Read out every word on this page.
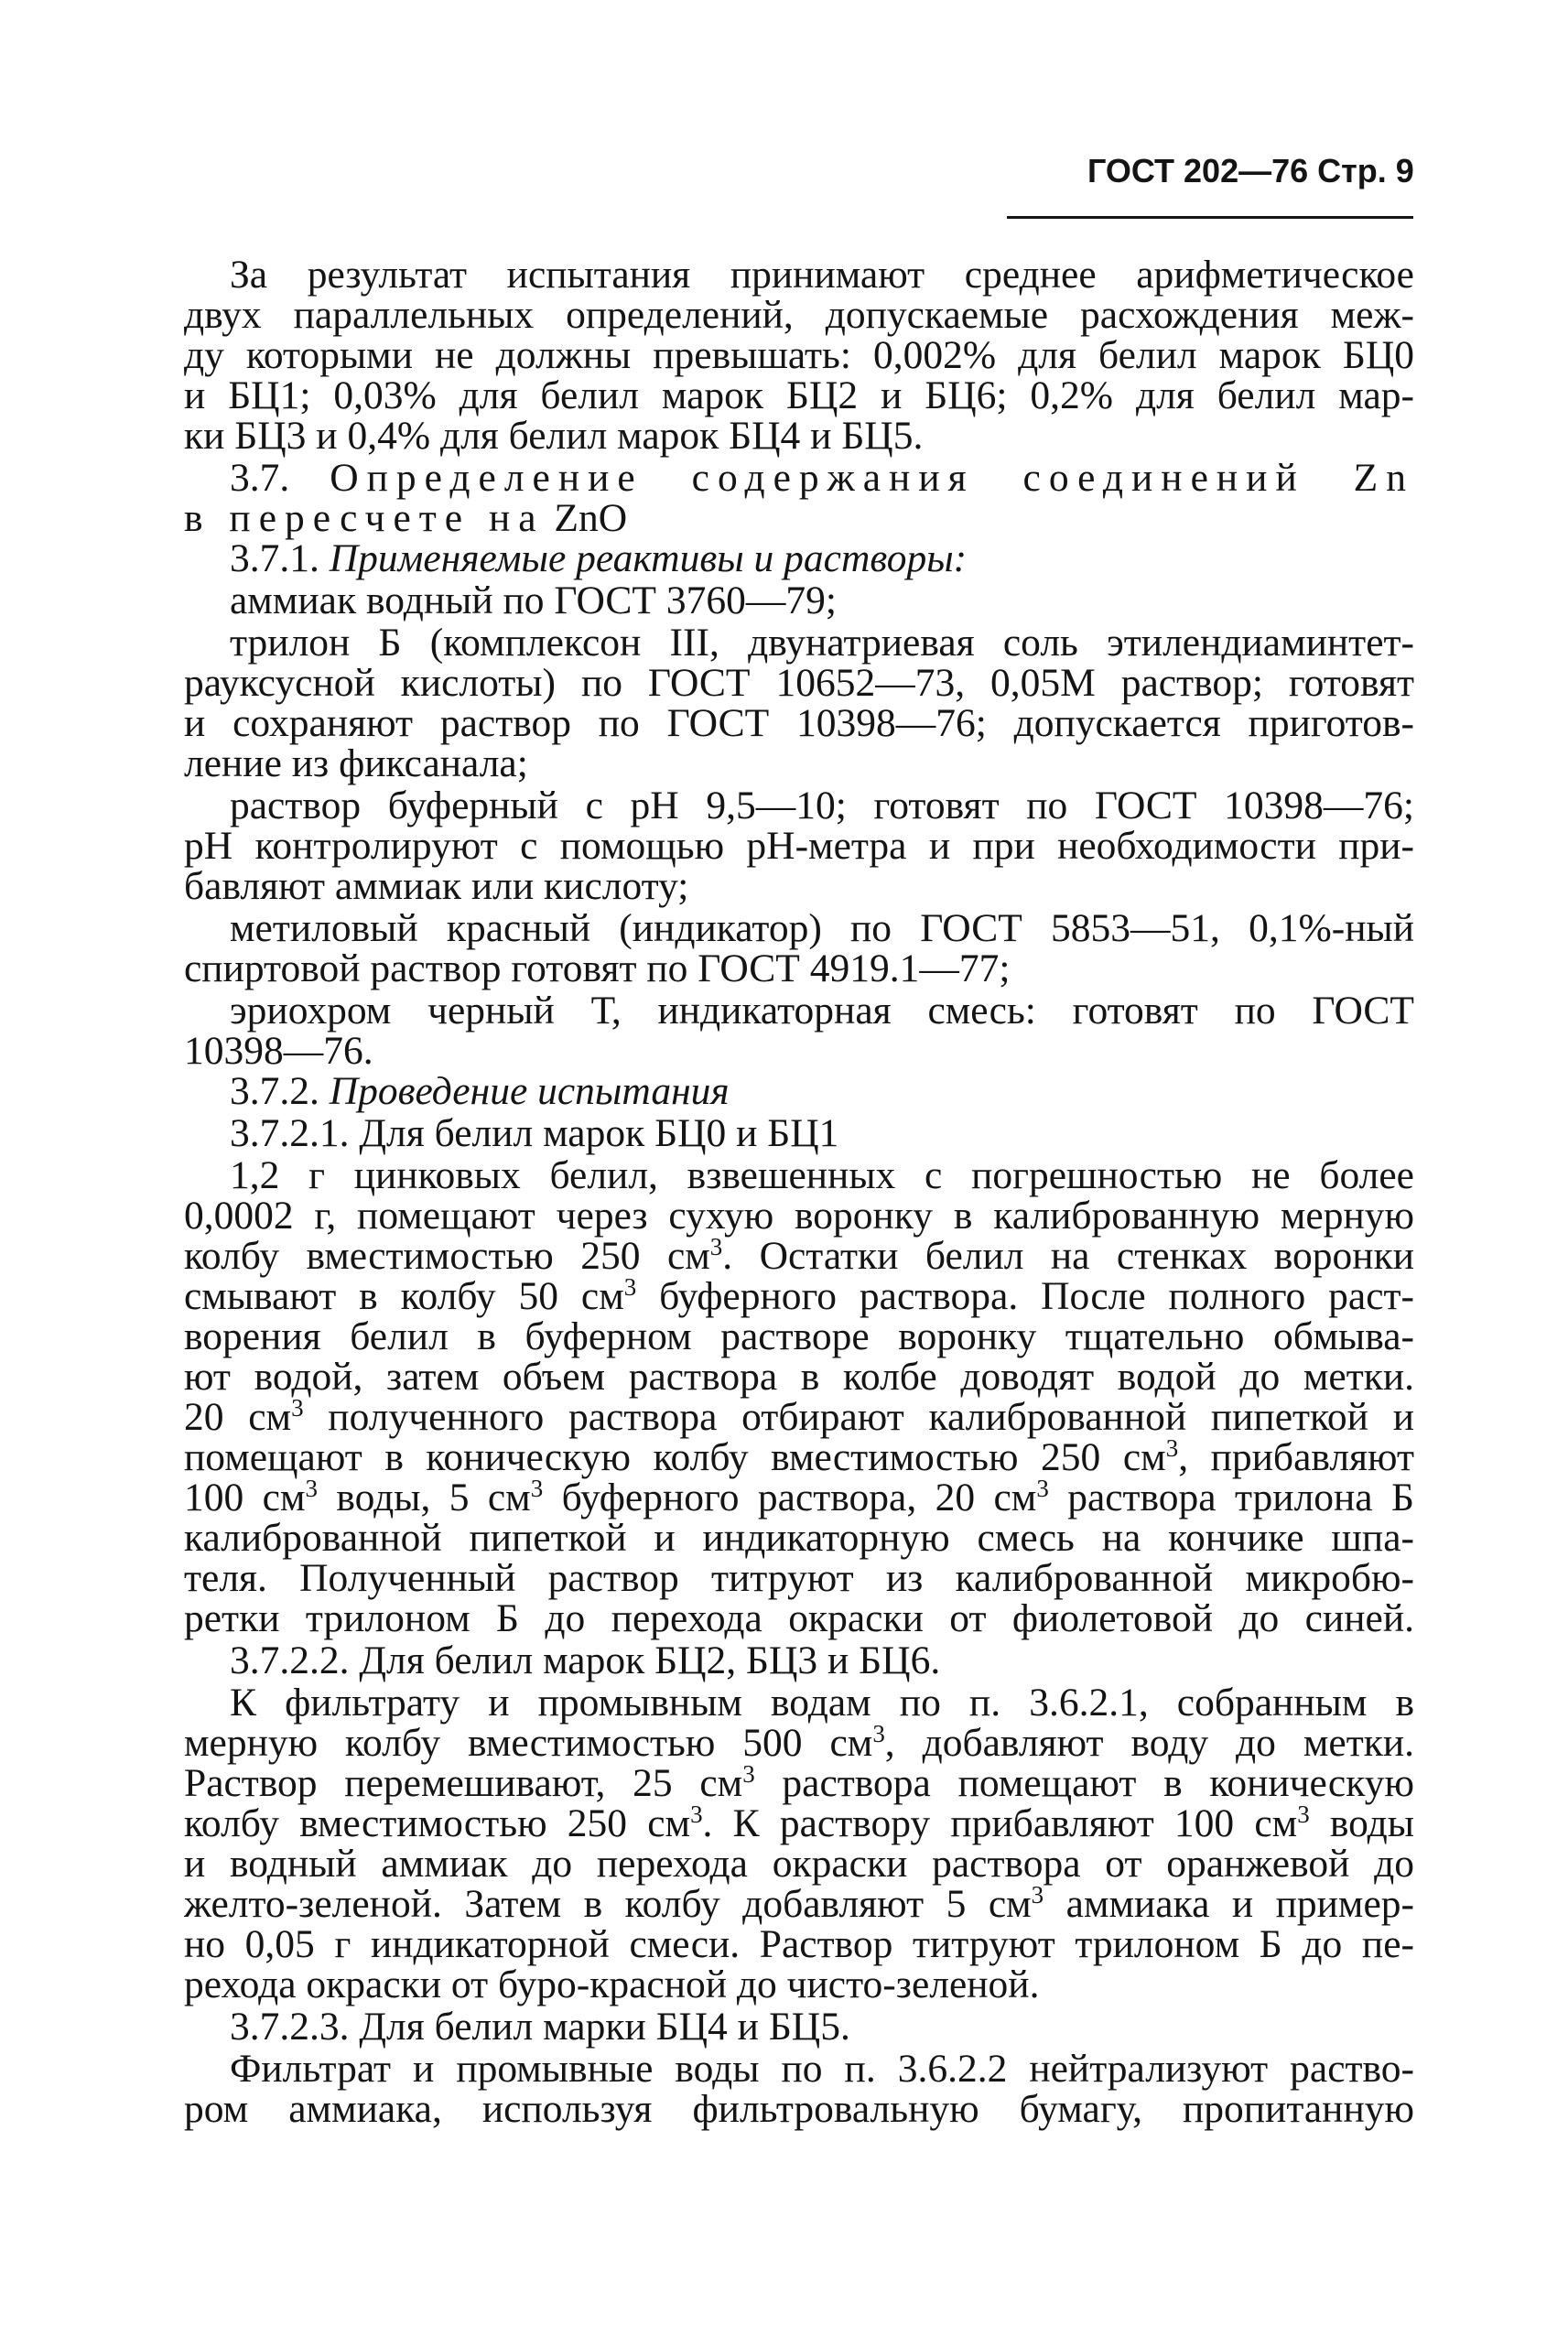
ГОСТ 202—76 Стр. 9
За результат испытания принимают среднее арифметическое
двух параллельных определений, допускаемые расхождения меж-
ду которыми не должны превышать: 0,002% для белил марок БЦ0
и БЦ1; 0,03% для белил марок БЦ2 и БЦ6; 0,2% для белил мар-
ки БЦ3 и 0,4% для белил марок БЦ4 и БЦ5.
3.7. Определение содержания соединений Zn
в пересчете на ZnO
3.7.1. Применяемые реактивы и растворы:
аммиак водный по ГОСТ 3760—79;
трилон Б (комплексон III, двунатриевая соль этилендиаминтет-
рауксусной кислоты) по ГОСТ 10652—73, 0,05М раствор; готовят
и сохраняют раствор по ГОСТ 10398—76; допускается приготов-
ление из фиксанала;
раствор буферный с рН 9,5—10; готовят по ГОСТ 10398—76;
рН контролируют с помощью рН-метра и при необходимости при-
бавляют аммиак или кислоту;
метиловый красный (индикатор) по ГОСТ 5853—51, 0,1%-ный
спиртовой раствор готовят по ГОСТ 4919.1—77;
эриохром черный Т, индикаторная смесь: готовят по ГОСТ
10398—76.
3.7.2. Проведение испытания
3.7.2.1. Для белил марок БЦ0 и БЦ1
1,2 г цинковых белил, взвешенных с погрешностью не более
0,0002 г, помещают через сухую воронку в калиброванную мерную
колбу вместимостью 250 $см^3$. Остатки белил на стенках воронки
смывают в колбу 50 $см^3$ буферного раствора. После полного раст-
ворения белил в буферном растворе воронку тщательно обмыва-
ют водой, затем объем раствора в колбе доводят водой до метки.
20 $см^3$ полученного раствора отбирают калиброванной пипеткой и
помещают в коническую колбу вместимостью 250 $см^3$, прибавляют
100 $см^3$ воды, 5 $см^3$ буферного раствора, 20 $см^3$ раствора трилона Б
калиброванной пипеткой и индикаторную смесь на кончике шпа-
теля. Полученный раствор титруют из калиброванной микробю-
ретки трилоном Б до перехода окраски от фиолетовой до синей.
3.7.2.2. Для белил марок БЦ2, БЦ3 и БЦ6.
К фильтрату и промывным водам по п. 3.6.2.1, собранным в
мерную колбу вместимостью 500 $см^3$, добавляют воду до метки.
Раствор перемешивают, 25 $см^3$ раствора помещают в коническую
колбу вместимостью 250 $см^3$. К раствору прибавляют 100 $см^3$ воды
и водный аммиак до перехода окраски раствора от оранжевой до
желто-зеленой. Затем в колбу добавляют 5 $см^3$ аммиака и пример-
но 0,05 г индикаторной смеси. Раствор титруют трилоном Б до пе-
рехода окраски от буро-красной до чисто-зеленой.
3.7.2.3. Для белил марки БЦ4 и БЦ5.
Фильтрат и промывные воды по п. 3.6.2.2 нейтрализуют раство-
ром аммиака, используя фильтровальную бумагу, пропитанную
